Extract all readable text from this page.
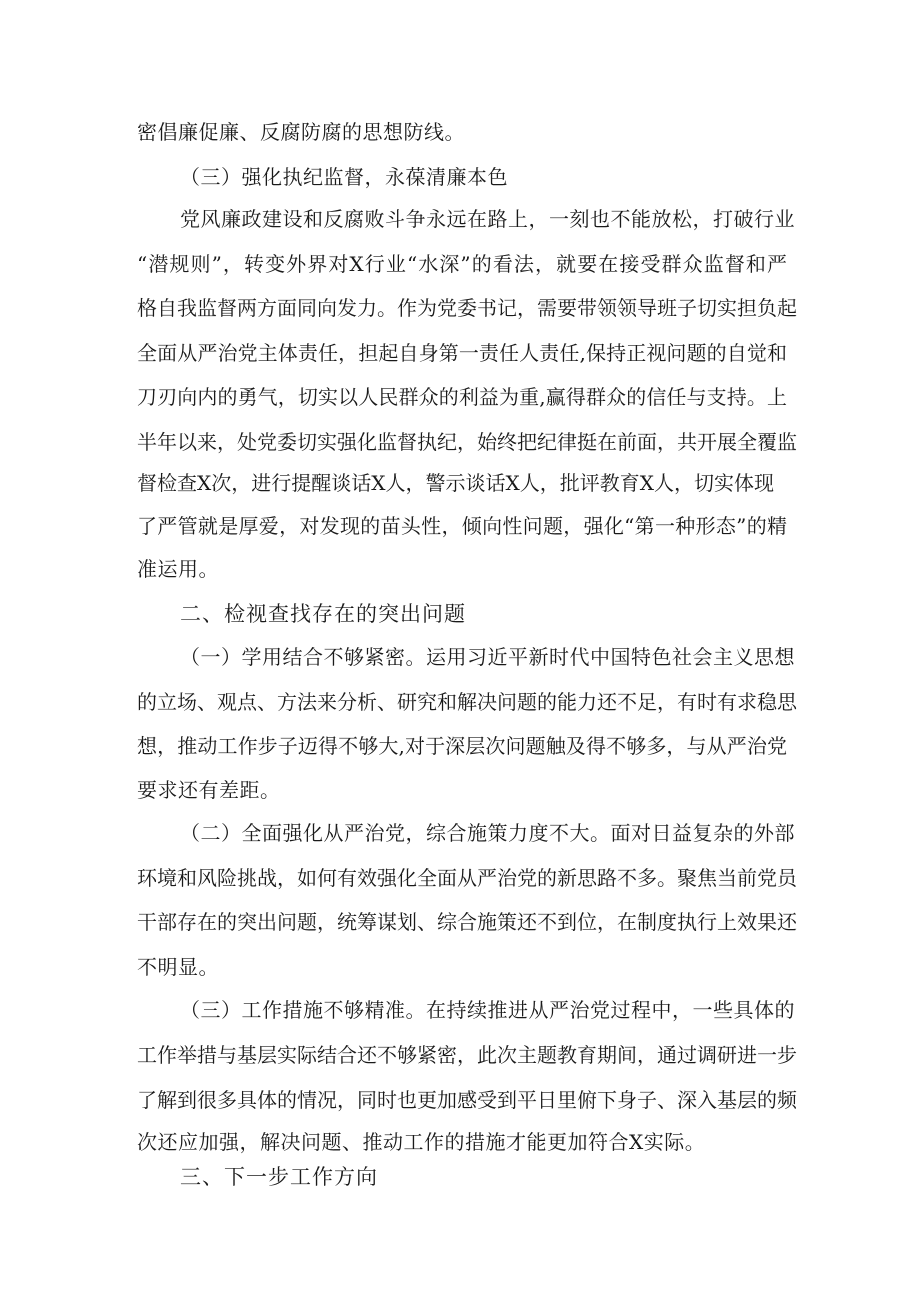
密倡廉促廉、反腐防腐的思想防线。
（三）强化执纪监督，永葆清廉本色
党风廉政建设和反腐败斗争永远在路上，一刻也不能放松，打破行业
“潜规则”，转变外界对X行业“水深”的看法，就要在接受群众监督和严
格自我监督两方面同向发力。作为党委书记，需要带领领导班子切实担负起
全面从严治党主体责任，担起自身第一责任人责任,保持正视问题的自觉和
刀刃向内的勇气，切实以人民群众的利益为重,赢得群众的信任与支持。上
半年以来，处党委切实强化监督执纪，始终把纪律挺在前面，共开展全覆监
督检查X次，进行提醒谈话X人，警示谈话X人，批评教育X人，切实体现
了严管就是厚爱，对发现的苗头性，倾向性问题，强化“第一种形态”的精
准运用。
二、检视查找存在的突出问题
（一）学用结合不够紧密。运用习近平新时代中国特色社会主义思想
的立场、观点、方法来分析、研究和解决问题的能力还不足，有时有求稳思
想，推动工作步子迈得不够大,对于深层次问题触及得不够多，与从严治党
要求还有差距。
（二）全面强化从严治党，综合施策力度不大。面对日益复杂的外部
环境和风险挑战，如何有效强化全面从严治党的新思路不多。聚焦当前党员
干部存在的突出问题，统筹谋划、综合施策还不到位，在制度执行上效果还
不明显。
（三）工作措施不够精准。在持续推进从严治党过程中，一些具体的
工作举措与基层实际结合还不够紧密，此次主题教育期间，通过调研进一步
了解到很多具体的情况，同时也更加感受到平日里俯下身子、深入基层的频
次还应加强，解决问题、推动工作的措施才能更加符合X实际。
三、下一步工作方向
